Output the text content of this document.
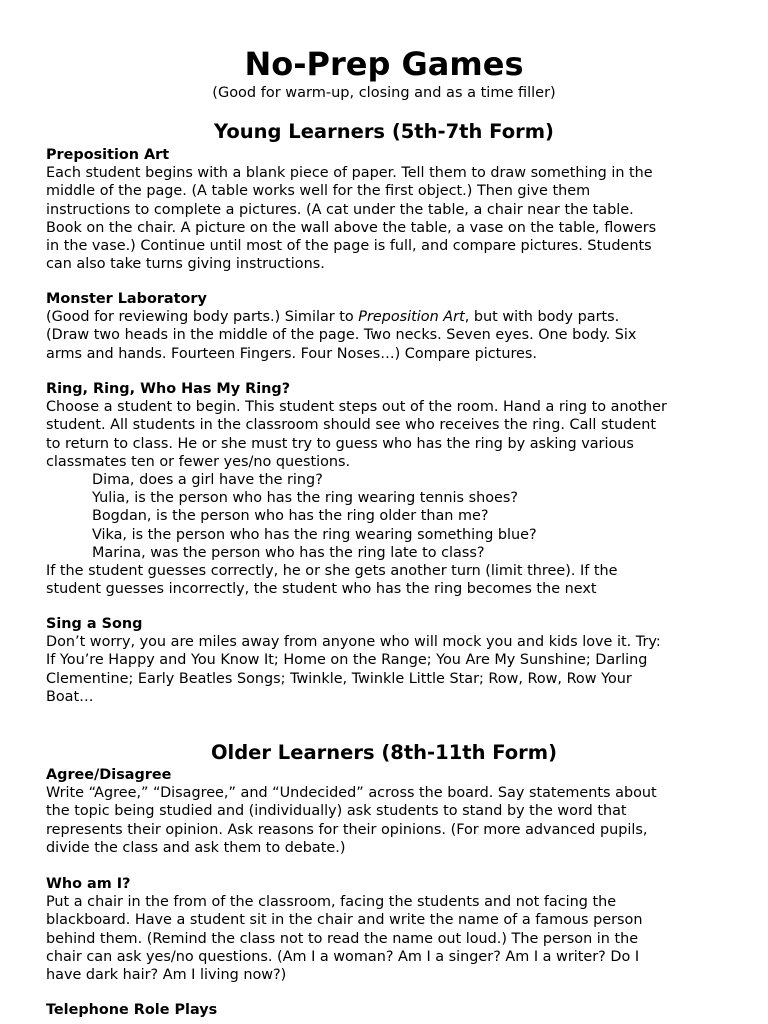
No-Prep Games
(Good for warm-up, closing and as a time filler)
Young Learners (5th-7th Form)
Preposition Art
Each student begins with a blank piece of paper. Tell them to draw something in the
middle of the page. (A table works well for the first object.) Then give them
instructions to complete a pictures. (A cat under the table, a chair near the table.
Book on the chair. A picture on the wall above the table, a vase on the table, flowers
in the vase.) Continue until most of the page is full, and compare pictures. Students
can also take turns giving instructions.
Monster Laboratory
(Good for reviewing body parts.) Similar to Preposition Art, but with body parts.
(Draw two heads in the middle of the page. Two necks. Seven eyes. One body. Six
arms and hands. Fourteen Fingers. Four Noses…) Compare pictures.
Ring, Ring, Who Has My Ring?
Choose a student to begin. This student steps out of the room. Hand a ring to another
student. All students in the classroom should see who receives the ring. Call student
to return to class. He or she must try to guess who has the ring by asking various
classmates ten or fewer yes/no questions.
Dima, does a girl have the ring?
Yulia, is the person who has the ring wearing tennis shoes?
Bogdan, is the person who has the ring older than me?
Vika, is the person who has the ring wearing something blue?
Marina, was the person who has the ring late to class?
If the student guesses correctly, he or she gets another turn (limit three). If the
student guesses incorrectly, the student who has the ring becomes the next
Sing a Song
Don’t worry, you are miles away from anyone who will mock you and kids love it. Try:
If You’re Happy and You Know It; Home on the Range; You Are My Sunshine; Darling
Clementine; Early Beatles Songs; Twinkle, Twinkle Little Star; Row, Row, Row Your
Boat…
Older Learners (8th-11th Form)
Agree/Disagree
Write “Agree,” “Disagree,” and “Undecided” across the board. Say statements about
the topic being studied and (individually) ask students to stand by the word that
represents their opinion. Ask reasons for their opinions. (For more advanced pupils,
divide the class and ask them to debate.)
Who am I?
Put a chair in the from of the classroom, facing the students and not facing the
blackboard. Have a student sit in the chair and write the name of a famous person
behind them. (Remind the class not to read the name out loud.) The person in the
chair can ask yes/no questions. (Am I a woman? Am I a singer? Am I a writer? Do I
have dark hair? Am I living now?)
Telephone Role Plays
